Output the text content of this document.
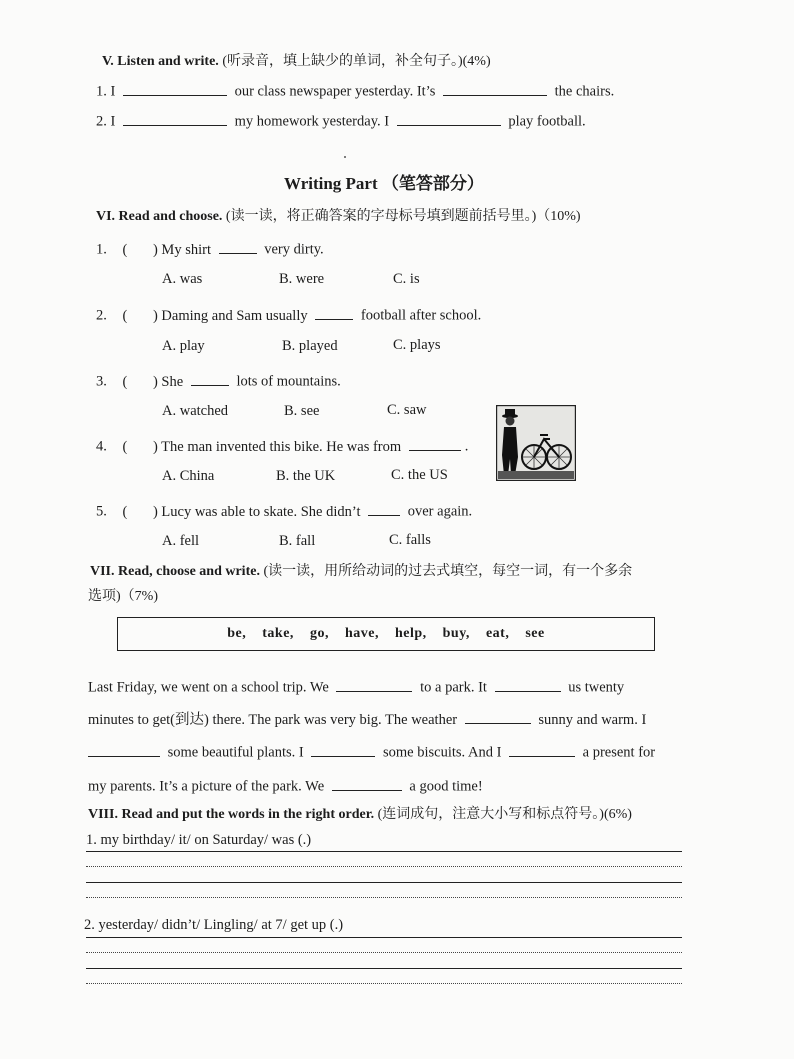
V. Listen and write. (听录音，填上缺少的单词，补全句子。)(4%)
1. I	our class newspaper yesterday. It’s	the chairs.
2. I	my homework yesterday. I	play football.
Writing Part （笔答部分）
VI. Read and choose. (读一读，将正确答案的字母标号填到题前括号里。)（10%)
1. ( ) My shirt	very dirty.
A. was	B. were	C. is
2. ( ) Daming and Sam usually	football after school.
A. play	B. played	C. plays
3. ( ) She	lots of mountains.
A. watched	B. see	C. saw
4. ( ) The man invented this bike. He was from	.
A. China	B. the UK	C. the US
5. ( ) Lucy was able to skate. She didn’t	over again.
A. fell	B. fall	C. falls
VII. Read, choose and write. (读一读，用所给动词的过去式填空，每空一词，有一个多余
选项)（7%)
be, take, go, have, help, buy, eat, see
Last Friday, we went on a school trip. We	to a park. It	us twenty
minutes to get(到达) there. The park was very big. The weather	sunny and warm. I
some beautiful plants. I	some biscuits. And I	a present for
my parents. It’s a picture of the park. We	a good time!
VIII. Read and put the words in the right order. (连词成句，注意大小写和标点符号。)(6%)
1. my birthday/ it/ on Saturday/ was (.)
2. yesterday/ didn’t/ Lingling/ at 7/ get up (.)
